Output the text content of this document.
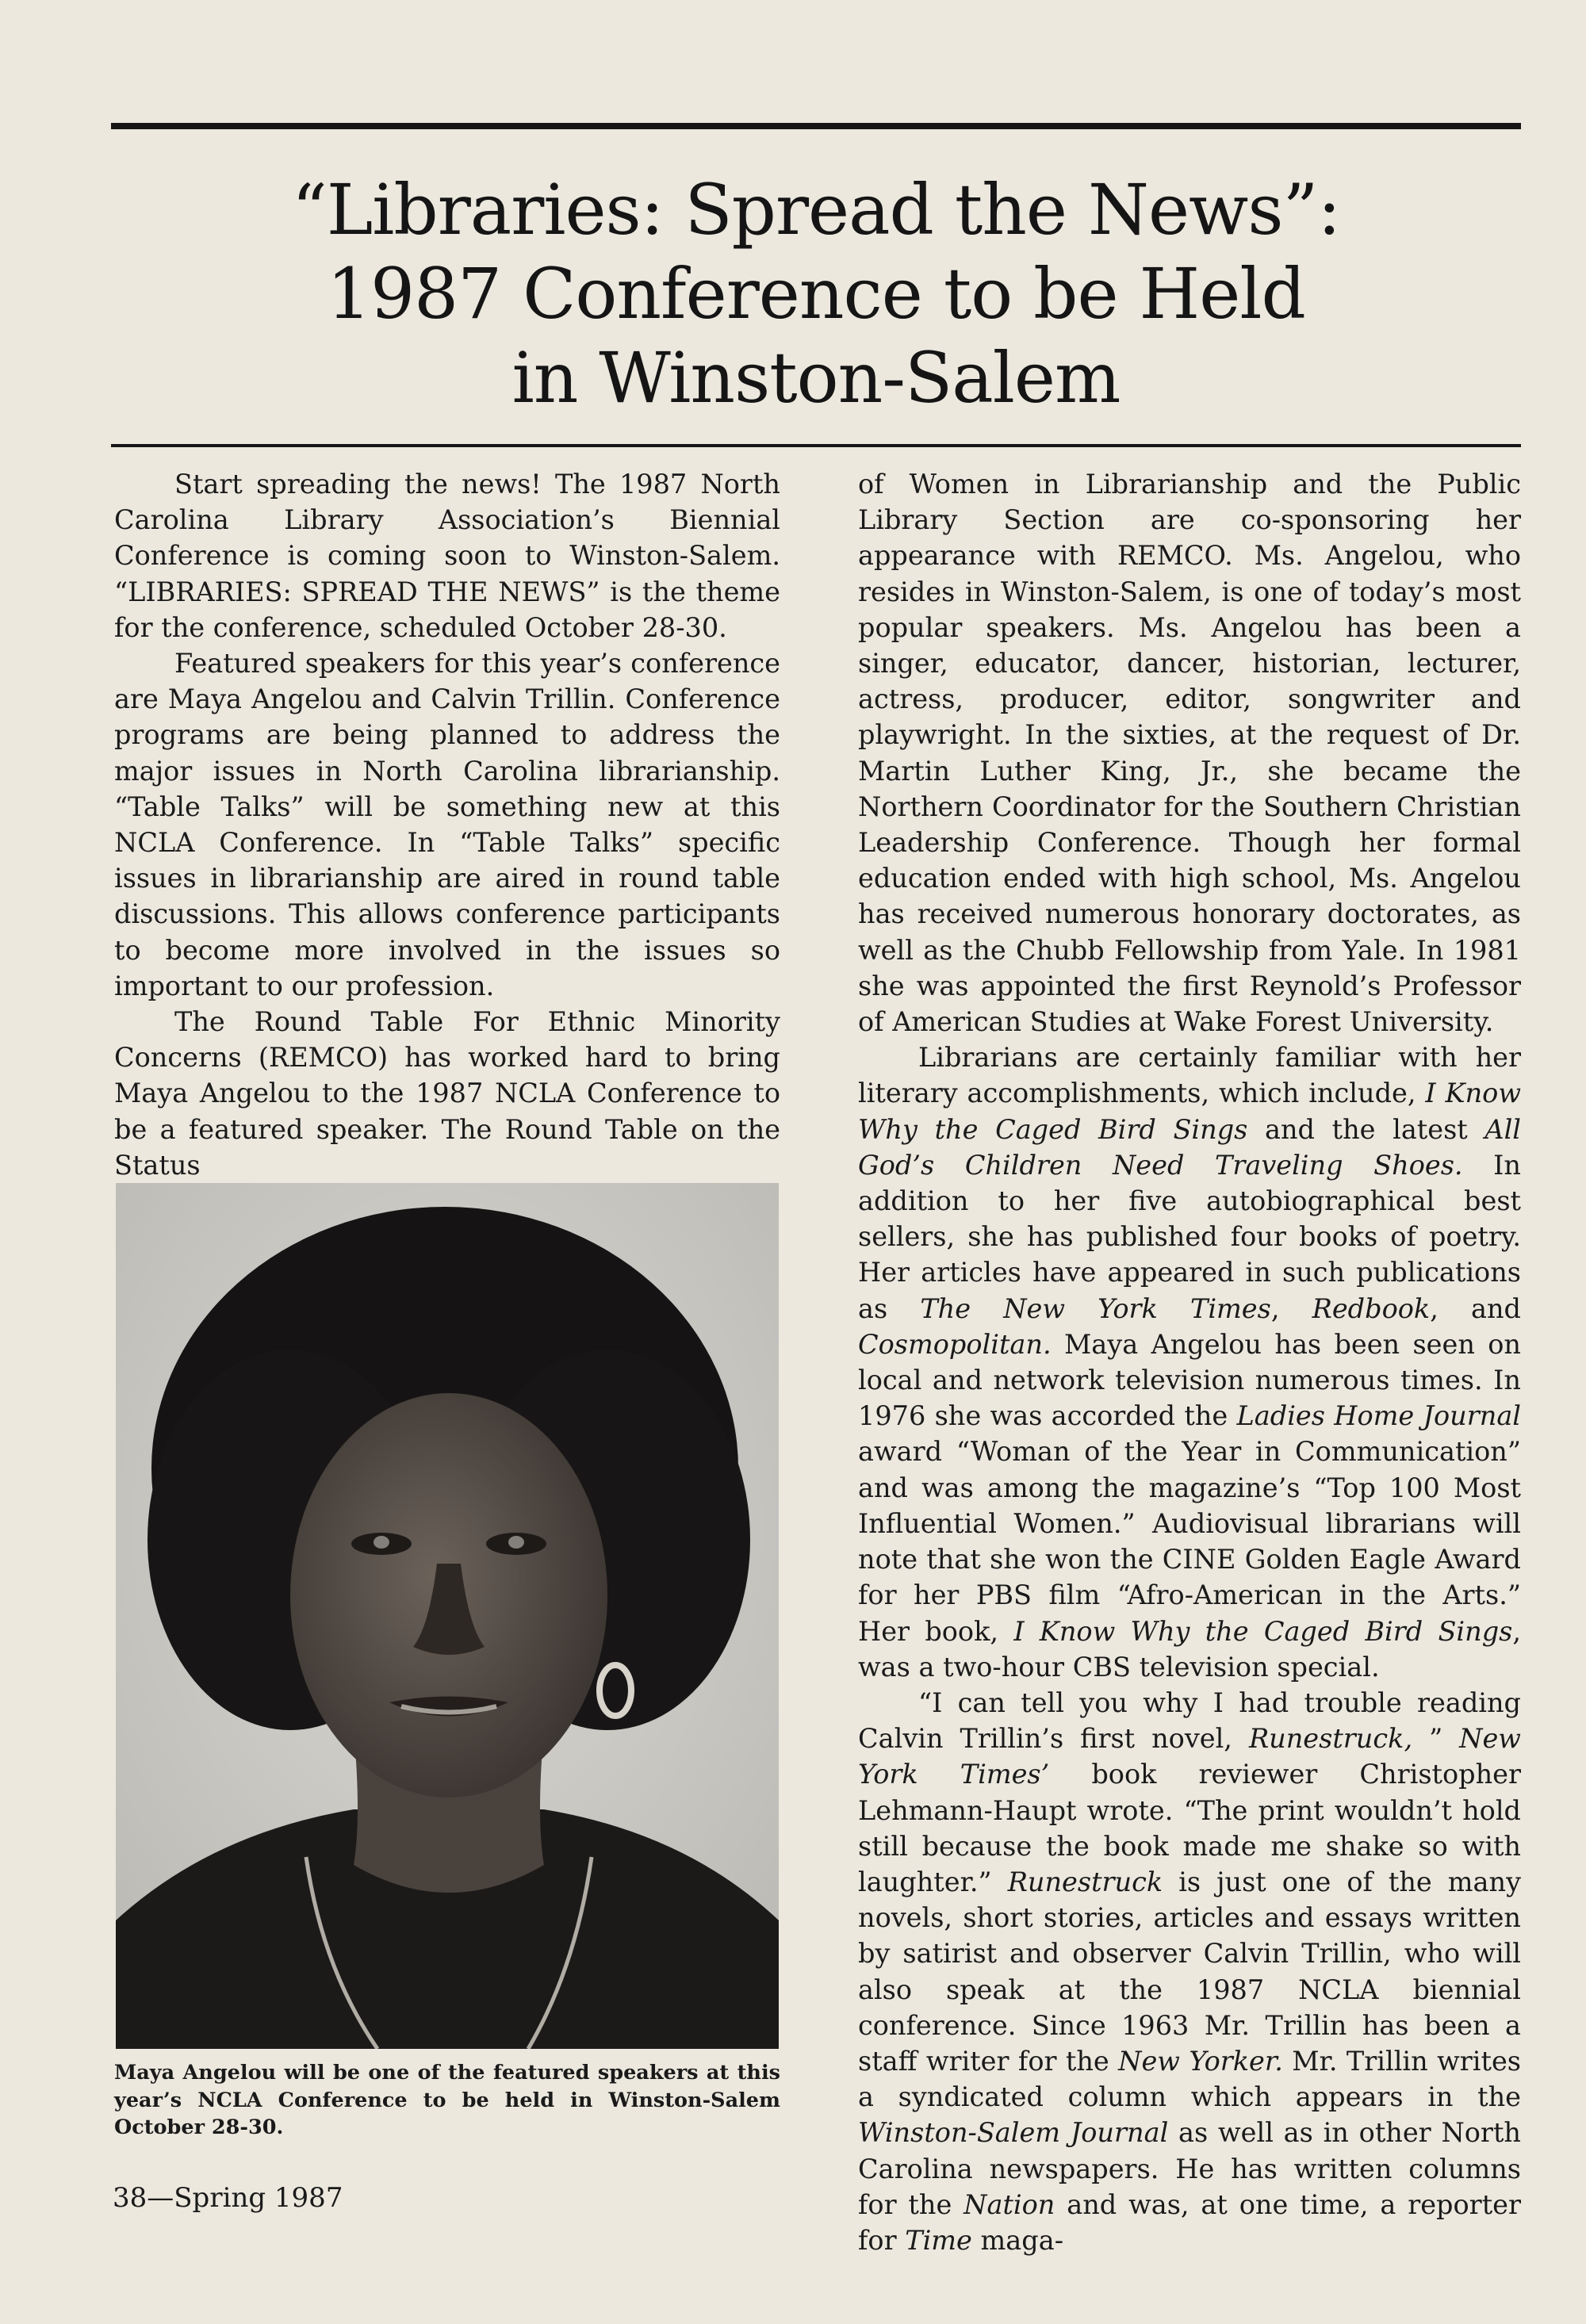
“Libraries: Spread the News”:
1987 Conference to be Held
in Winston-Salem

Start spreading the news! The 1987 North Carolina Library Association’s Biennial Conference is coming soon to Winston-Salem. “LIBRARIES: SPREAD THE NEWS” is the theme for the conference, scheduled October 28-30.

Featured speakers for this year’s conference are Maya Angelou and Calvin Trillin. Conference programs are being planned to address the major issues in North Carolina librarianship. “Table Talks” will be something new at this NCLA Conference. In “Table Talks” specific issues in librarianship are aired in round table discussions. This allows conference participants to become more involved in the issues so important to our profession.

The Round Table For Ethnic Minority Concerns (REMCO) has worked hard to bring Maya Angelou to the 1987 NCLA Conference to be a featured speaker. The Round Table on the Status

Maya Angelou will be one of the featured speakers at this year’s NCLA Conference to be held in Winston-Salem October 28-30.

of Women in Librarianship and the Public Library Section are co-sponsoring her appearance with REMCO. Ms. Angelou, who resides in Winston-Salem, is one of today’s most popular speakers. Ms. Angelou has been a singer, educator, dancer, historian, lecturer, actress, producer, editor, songwriter and playwright. In the sixties, at the request of Dr. Martin Luther King, Jr., she became the Northern Coordinator for the Southern Christian Leadership Conference. Though her formal education ended with high school, Ms. Angelou has received numerous honorary doctorates, as well as the Chubb Fellowship from Yale. In 1981 she was appointed the first Reynold’s Professor of American Studies at Wake Forest University.

Librarians are certainly familiar with her literary accomplishments, which include, I Know Why the Caged Bird Sings and the latest All God’s Children Need Traveling Shoes. In addition to her five autobiographical best sellers, she has published four books of poetry. Her articles have appeared in such publications as The New York Times, Redbook, and Cosmopolitan. Maya Angelou has been seen on local and network television numerous times. In 1976 she was accorded the Ladies Home Journal award “Woman of the Year in Communication” and was among the magazine’s “Top 100 Most Influential Women.” Audiovisual librarians will note that she won the CINE Golden Eagle Award for her PBS film “Afro-American in the Arts.” Her book, I Know Why the Caged Bird Sings, was a two-hour CBS television special.

“I can tell you why I had trouble reading Calvin Trillin’s first novel, Runestruck, ” New York Times’ book reviewer Christopher Lehmann-Haupt wrote. “The print wouldn’t hold still because the book made me shake so with laughter.” Runestruck is just one of the many novels, short stories, articles and essays written by satirist and observer Calvin Trillin, who will also speak at the 1987 NCLA biennial conference. Since 1963 Mr. Trillin has been a staff writer for the New Yorker. Mr. Trillin writes a syndicated column which appears in the Winston-Salem Journal as well as in other North Carolina newspapers. He has written columns for the Nation and was, at one time, a reporter for Time maga-

38—Spring 1987
